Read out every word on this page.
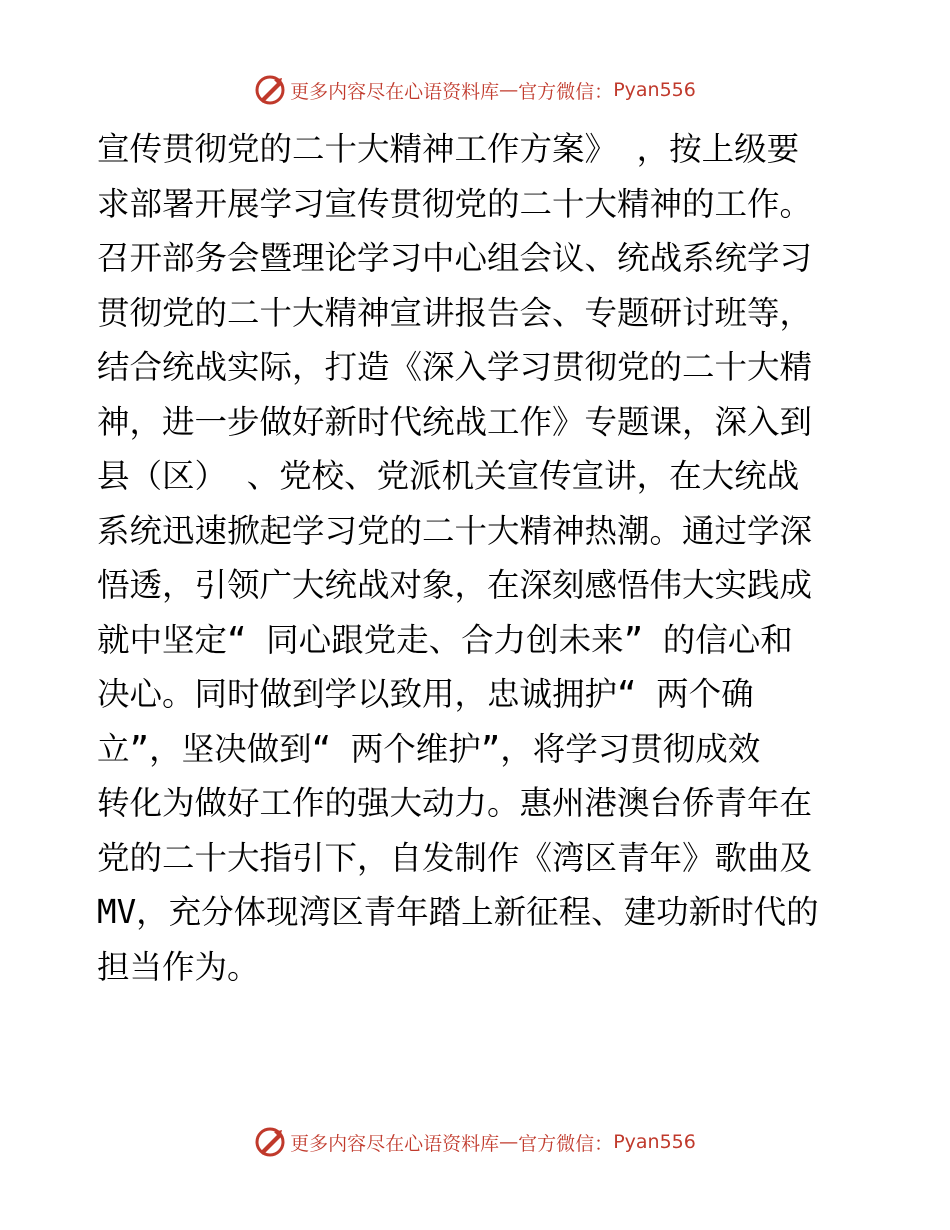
更多内容尽在心语资料库 — 官方微信： Pyan556
宣传贯彻党的二十大精神工作方案》 ，按上级要
求部署开展学习宣传贯彻党的二十大精神的工作。
召开部务会暨理论学习中心组会议、统战系统学习
贯彻党的二十大精神宣讲报告会、专题研讨班等，
结合统战实际，打造《深入学习贯彻党的二十大精
神，进一步做好新时代统战工作》专题课，深入到
县（区） 、党校、党派机关宣传宣讲，在大统战
系统迅速掀起学习党的二十大精神热潮。通过学深
悟透，引领广大统战对象，在深刻感悟伟大实践成
就中坚定“ 同心跟党走、合力创未来” 的信心和
决心。同时做到学以致用，忠诚拥护“ 两个确
立”，坚决做到“ 两个维护”，将学习贯彻成效
转化为做好工作的强大动力。惠州港澳台侨青年在
党的二十大指引下，自发制作《湾区青年》歌曲及
MV，充分体现湾区青年踏上新征程、建功新时代的
担当作为。
更多内容尽在心语资料库 — 官方微信： Pyan556
